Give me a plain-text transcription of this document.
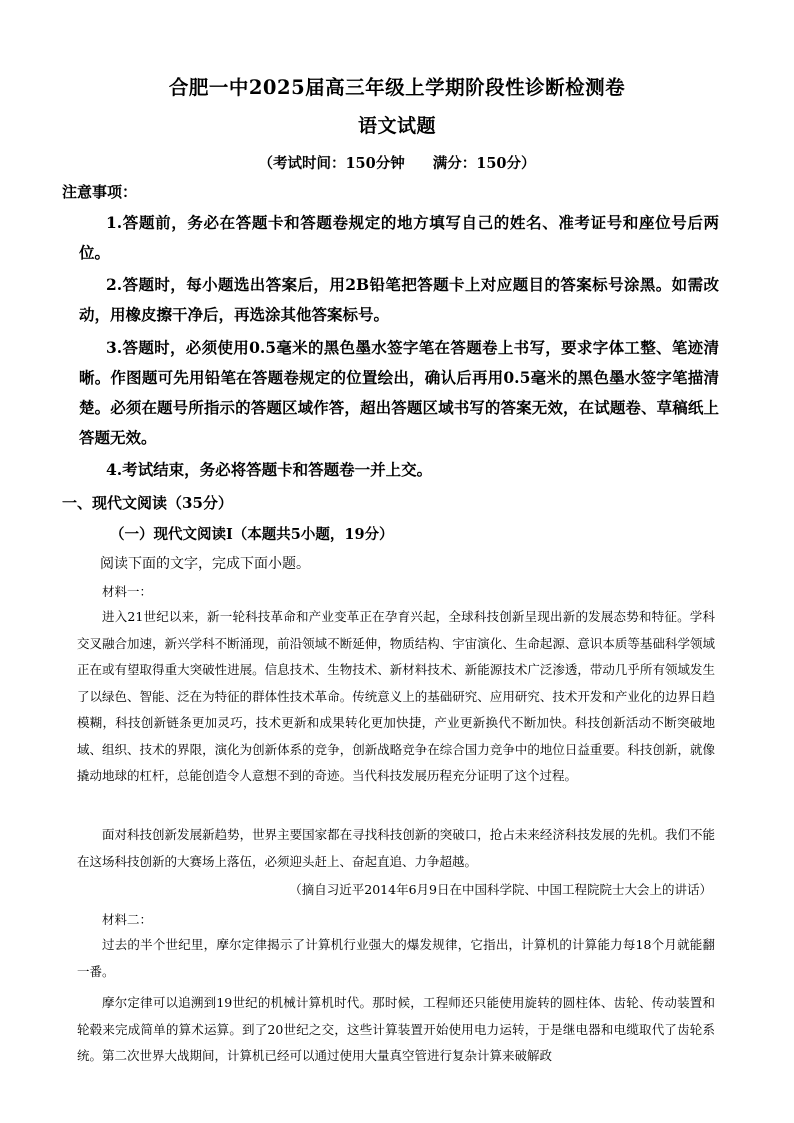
合肥一中2025届高三年级上学期阶段性诊断检测卷
语文试题
（考试时间：150分钟 满分：150分）
注意事项：
1.答题前，务必在答题卡和答题卷规定的地方填写自己的姓名、准考证号和座位号后两位。
2.答题时，每小题选出答案后，用2B铅笔把答题卡上对应题目的答案标号涂黑。如需改动，用橡皮擦干净后，再选涂其他答案标号。
3.答题时，必须使用0.5毫米的黑色墨水签字笔在答题卷上书写，要求字体工整、笔迹清晰。作图题可先用铅笔在答题卷规定的位置绘出，确认后再用0.5毫米的黑色墨水签字笔描清楚。必须在题号所指示的答题区域作答，超出答题区域书写的答案无效，在试题卷、草稿纸上答题无效。
4.考试结束，务必将答题卡和答题卷一并上交。
一、现代文阅读（35分）
（一）现代文阅读Ⅰ（本题共5小题，19分）
阅读下面的文字，完成下面小题。
材料一：
进入21世纪以来，新一轮科技革命和产业变革正在孕育兴起，全球科技创新呈现出新的发展态势和特征。学科交叉融合加速，新兴学科不断涌现，前沿领域不断延伸，物质结构、宇宙演化、生命起源、意识本质等基础科学领域正在或有望取得重大突破性进展。信息技术、生物技术、新材料技术、新能源技术广泛渗透，带动几乎所有领域发生了以绿色、智能、泛在为特征的群体性技术革命。传统意义上的基础研究、应用研究、技术开发和产业化的边界日趋模糊，科技创新链条更加灵巧，技术更新和成果转化更加快捷，产业更新换代不断加快。科技创新活动不断突破地域、组织、技术的界限，演化为创新体系的竞争，创新战略竞争在综合国力竞争中的地位日益重要。科技创新，就像撬动地球的杠杆，总能创造令人意想不到的奇迹。当代科技发展历程充分证明了这个过程。
面对科技创新发展新趋势，世界主要国家都在寻找科技创新的突破口，抢占未来经济科技发展的先机。我们不能在这场科技创新的大赛场上落伍，必须迎头赶上、奋起直追、力争超越。
（摘自习近平2014年6月9日在中国科学院、中国工程院院士大会上的讲话）
材料二：
过去的半个世纪里，摩尔定律揭示了计算机行业强大的爆发规律，它指出，计算机的计算能力每18个月就能翻一番。
摩尔定律可以追溯到19世纪的机械计算机时代。那时候，工程师还只能使用旋转的圆柱体、齿轮、传动装置和轮毂来完成简单的算术运算。到了20世纪之交，这些计算装置开始使用电力运转，于是继电器和电缆取代了齿轮系统。第二次世界大战期间，计算机已经可以通过使用大量真空管进行复杂计算来破解政
